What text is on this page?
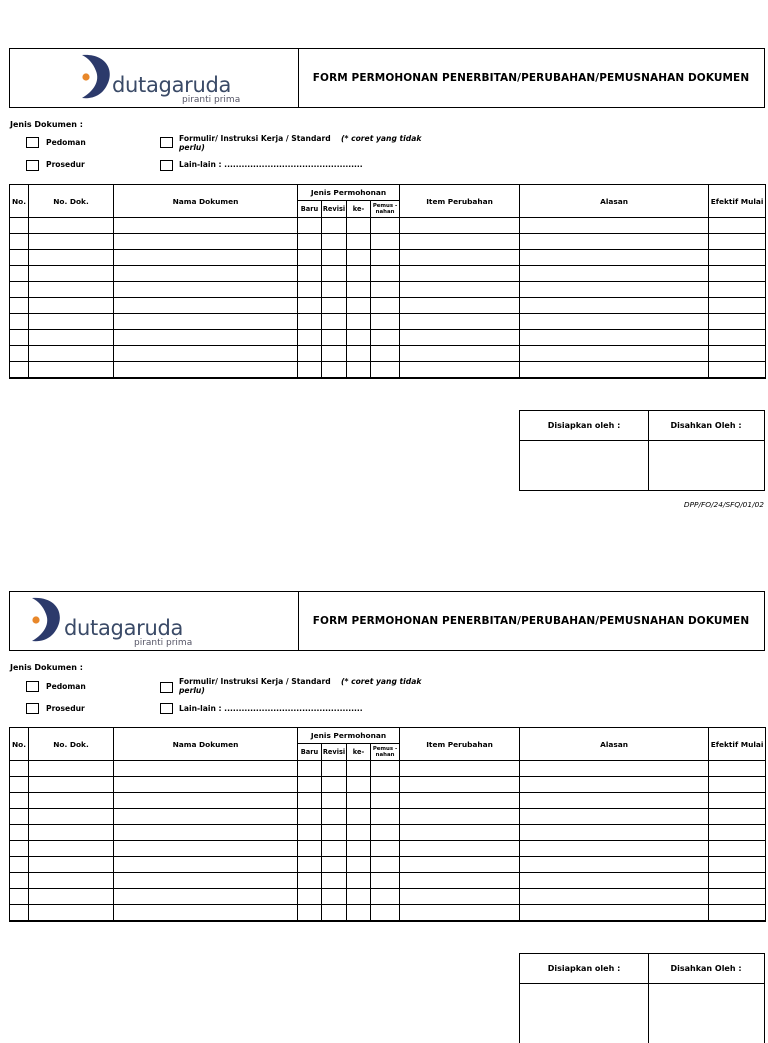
dutagaruda
piranti prima
FORM PERMOHONAN PENERBITAN/PERUBAHAN/PEMUSNAHAN DOKUMEN
Jenis Dokumen :
Pedoman
Prosedur
Formulir/ Instruksi Kerja / Standard (* coret yang tidak
perlu)
Lain-lain : ................................................
No.	No. Dok.	Nama Dokumen	Jenis Permohonan				Item Perubahan	Alasan	Efektif Mulai
			Baru	Revisi	ke-	Pemus -nahan			

Disiapkan oleh :	Disahkan Oleh :
DPP/FO/24/SFQ/01/02
dutagaruda
piranti prima
FORM PERMOHONAN PENERBITAN/PERUBAHAN/PEMUSNAHAN DOKUMEN
Jenis Dokumen :
Pedoman
Prosedur
Formulir/ Instruksi Kerja / Standard (* coret yang tidak
perlu)
Lain-lain : ................................................
No.	No. Dok.	Nama Dokumen	Jenis Permohonan				Item Perubahan	Alasan	Efektif Mulai
			Baru	Revisi	ke-	Pemus -nahan			

Disiapkan oleh :	Disahkan Oleh :
